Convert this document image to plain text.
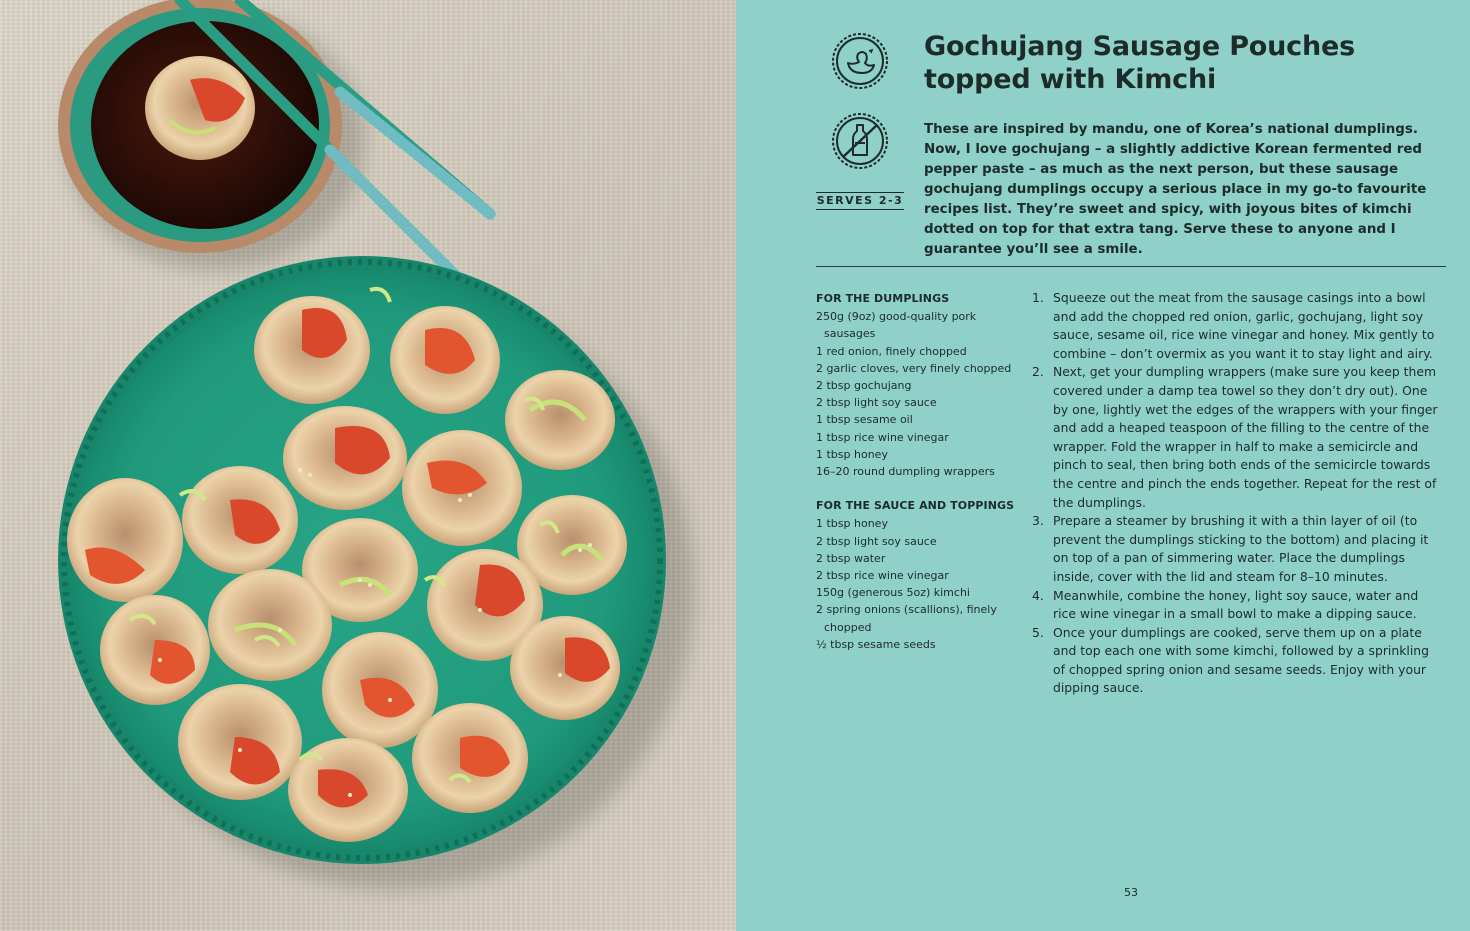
SERVES 2-3
Gochujang Sausage Pouches topped with Kimchi

These are inspired by mandu, one of Korea’s national dumplings. Now, I love gochujang – a slightly addictive Korean fermented red pepper paste – as much as the next person, but these sausage gochujang dumplings occupy a serious place in my go-to favourite recipes list. They’re sweet and spicy, with joyous bites of kimchi dotted on top for that extra tang. Serve these to anyone and I guarantee you’ll see a smile.

FOR THE DUMPLINGS
250g (9oz) good-quality pork sausages
1 red onion, finely chopped
2 garlic cloves, very finely chopped
2 tbsp gochujang
2 tbsp light soy sauce
1 tbsp sesame oil
1 tbsp rice wine vinegar
1 tbsp honey
16–20 round dumpling wrappers
FOR THE SAUCE AND TOPPINGS
1 tbsp honey
2 tbsp light soy sauce
2 tbsp water
2 tbsp rice wine vinegar
150g (generous 5oz) kimchi
2 spring onions (scallions), finely chopped
½ tbsp sesame seeds
1. Squeeze out the meat from the sausage casings into a bowl and add the chopped red onion, garlic, gochujang, light soy sauce, sesame oil, rice wine vinegar and honey. Mix gently to combine – don’t overmix as you want it to stay light and airy.
2. Next, get your dumpling wrappers (make sure you keep them covered under a damp tea towel so they don’t dry out). One by one, lightly wet the edges of the wrappers with your finger and add a heaped teaspoon of the filling to the centre of the wrapper. Fold the wrapper in half to make a semicircle and pinch to seal, then bring both ends of the semicircle towards the centre and pinch the ends together. Repeat for the rest of the dumplings.
3. Prepare a steamer by brushing it with a thin layer of oil (to prevent the dumplings sticking to the bottom) and placing it on top of a pan of simmering water. Place the dumplings inside, cover with the lid and steam for 8–10 minutes.
4. Meanwhile, combine the honey, light soy sauce, water and rice wine vinegar in a small bowl to make a dipping sauce.
5. Once your dumplings are cooked, serve them up on a plate and top each one with some kimchi, followed by a sprinkling of chopped spring onion and sesame seeds. Enjoy with your dipping sauce.
53
